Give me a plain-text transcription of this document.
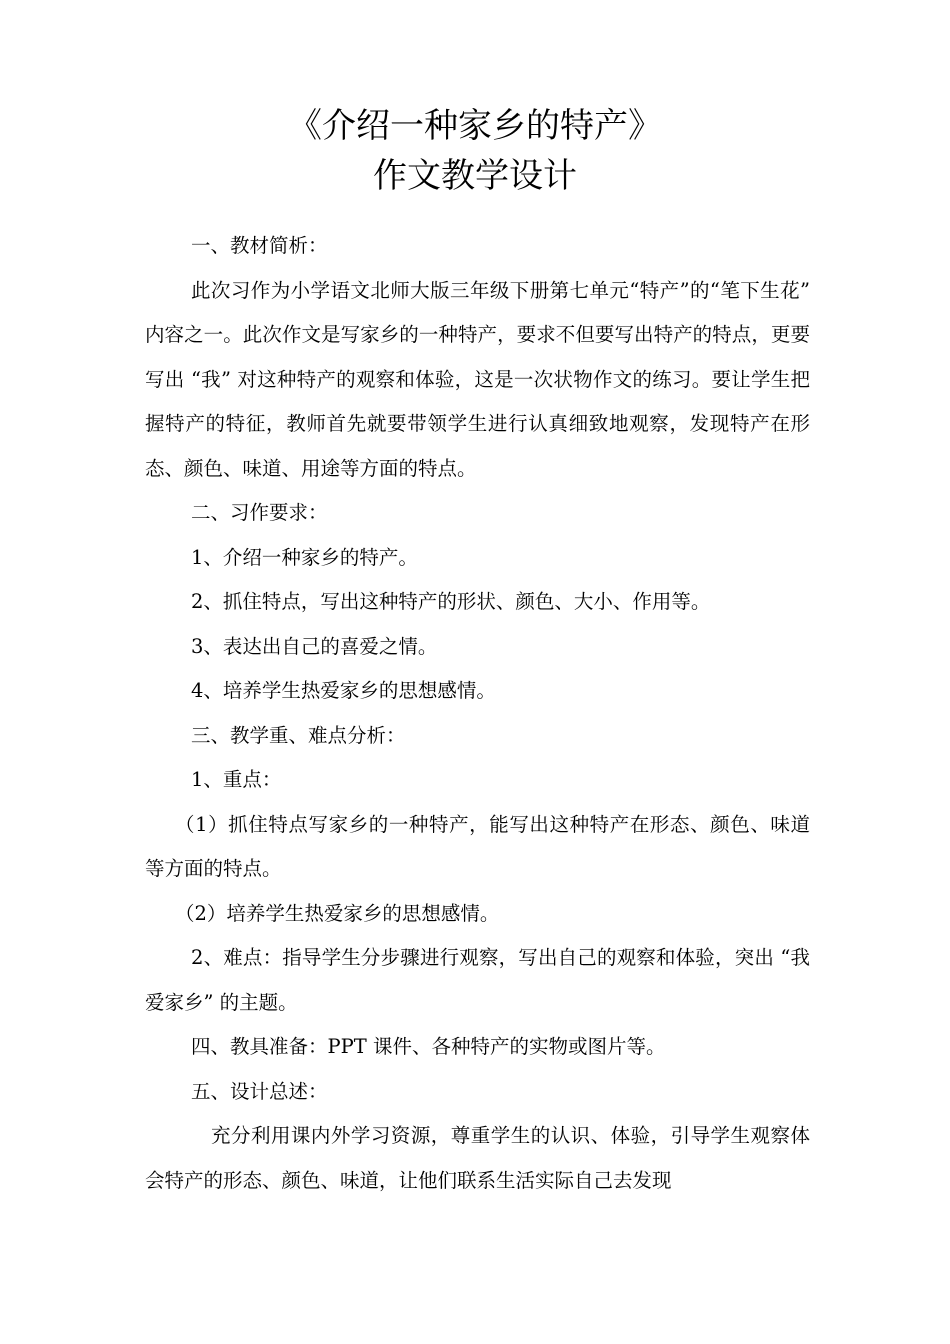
《介绍一种家乡的特产》
作文教学设计

一、教材简析：

此次习作为小学语文北师大版三年级下册第七单元“特产”的“笔下生花” 内容之一。此次作文是写家乡的一种特产，要求不但要写出特产的特点，更要写出 “我” 对这种特产的观察和体验，这是一次状物作文的练习。要让学生把握特产的特征，教师首先就要带领学生进行认真细致地观察，发现特产在形态、颜色、味道、用途等方面的特点。

二、习作要求：

1、介绍一种家乡的特产。

2、抓住特点，写出这种特产的形状、颜色、大小、作用等。

3、表达出自己的喜爱之情。

4、培养学生热爱家乡的思想感情。

三、教学重、难点分析：

1、重点：

（1）抓住特点写家乡的一种特产，能写出这种特产在形态、颜色、味道等方面的特点。

（2）培养学生热爱家乡的思想感情。

2、难点：指导学生分步骤进行观察，写出自己的观察和体验，突出 “我爱家乡” 的主题。

四、教具准备：PPT 课件、各种特产的实物或图片等。

五、设计总述：

充分利用课内外学习资源，尊重学生的认识、体验，引导学生观察体会特产的形态、颜色、味道，让他们联系生活实际自己去发现
